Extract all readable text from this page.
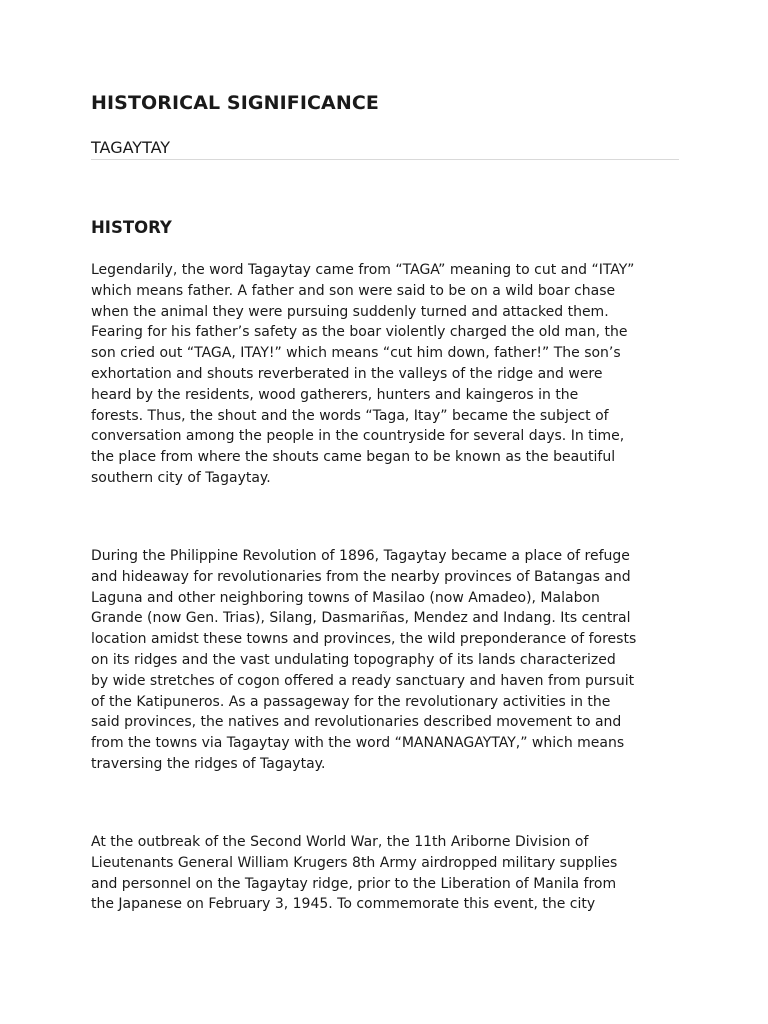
HISTORICAL SIGNIFICANCE
TAGAYTAY
HISTORY

Legendarily, the word Tagaytay came from “TAGA” meaning to cut and “ITAY”
which means father. A father and son were said to be on a wild boar chase
when the animal they were pursuing suddenly turned and attacked them.
Fearing for his father’s safety as the boar violently charged the old man, the
son cried out “TAGA, ITAY!” which means “cut him down, father!” The son’s
exhortation and shouts reverberated in the valleys of the ridge and were
heard by the residents, wood gatherers, hunters and kaingeros in the
forests. Thus, the shout and the words “Taga, Itay” became the subject of
conversation among the people in the countryside for several days. In time,
the place from where the shouts came began to be known as the beautiful
southern city of Tagaytay.

During the Philippine Revolution of 1896, Tagaytay became a place of refuge
and hideaway for revolutionaries from the nearby provinces of Batangas and
Laguna and other neighboring towns of Masilao (now Amadeo), Malabon
Grande (now Gen. Trias), Silang, Dasmariñas, Mendez and Indang. Its central
location amidst these towns and provinces, the wild preponderance of forests
on its ridges and the vast undulating topography of its lands characterized
by wide stretches of cogon offered a ready sanctuary and haven from pursuit
of the Katipuneros. As a passageway for the revolutionary activities in the
said provinces, the natives and revolutionaries described movement to and
from the towns via Tagaytay with the word “MANANAGAYTAY,” which means
traversing the ridges of Tagaytay.

At the outbreak of the Second World War, the 11th Ariborne Division of
Lieutenants General William Krugers 8th Army airdropped military supplies
and personnel on the Tagaytay ridge, prior to the Liberation of Manila from
the Japanese on February 3, 1945. To commemorate this event, the city
